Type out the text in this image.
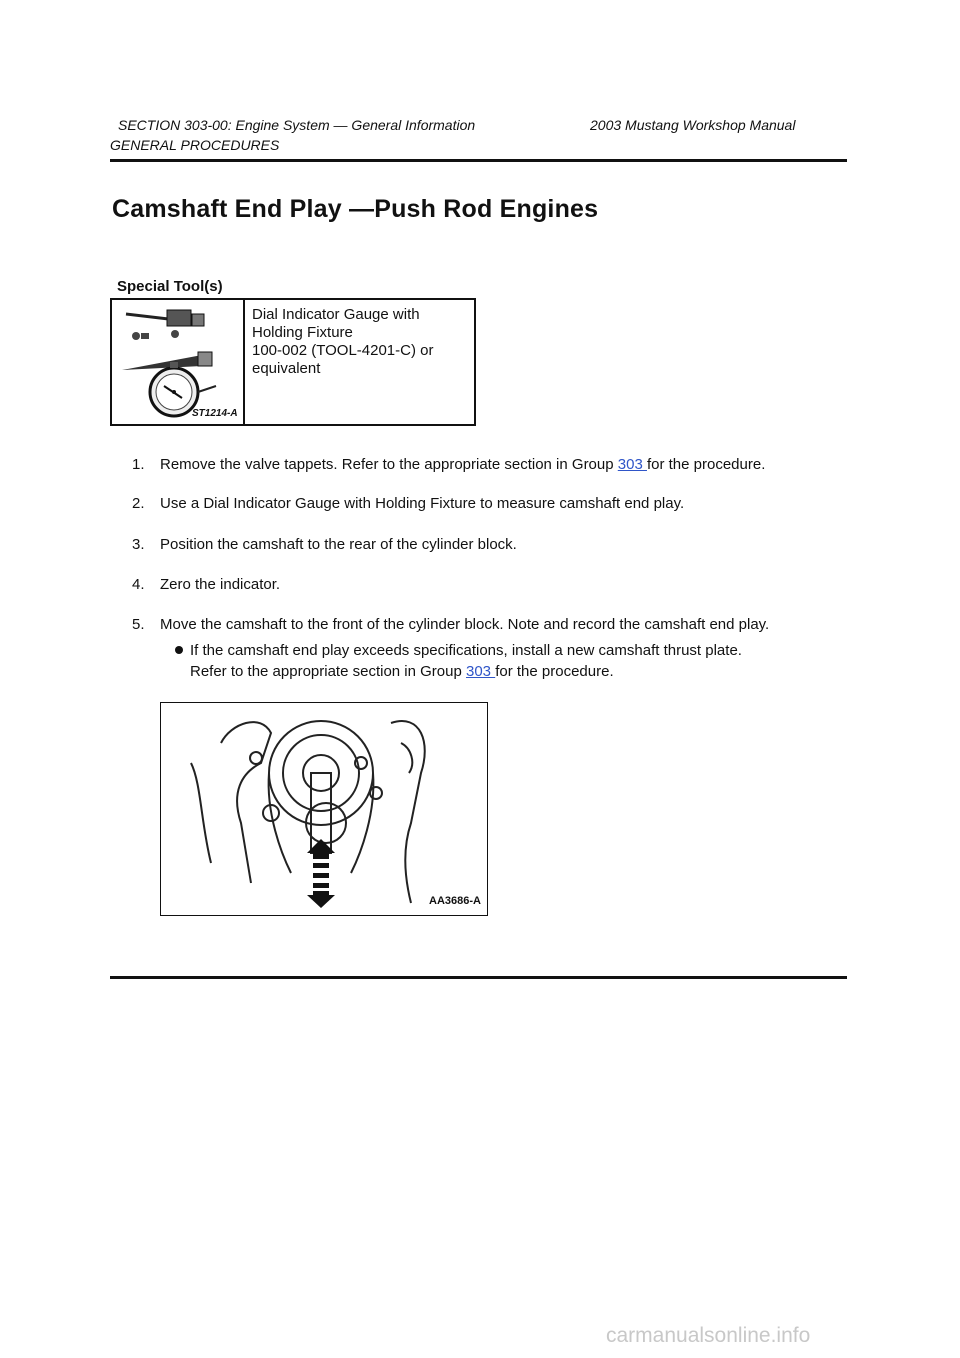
SECTION 303-00: Engine System — General Information	2003 Mustang Workshop Manual
GENERAL PROCEDURES
Camshaft End Play —Push Rod Engines
Special Tool(s)
ST1214-A
Dial Indicator Gauge with
Holding Fixture
100-002 (TOOL-4201-C) or
equivalent
1. Remove the valve tappets. Refer to the appropriate section in Group 303 for the procedure.
2. Use a Dial Indicator Gauge with Holding Fixture to measure camshaft end play.
3. Position the camshaft to the rear of the cylinder block.
4. Zero the indicator.
5. Move the camshaft to the front of the cylinder block. Note and record the camshaft end play.
If the camshaft end play exceeds specifications, install a new camshaft thrust plate.
Refer to the appropriate section in Group 303 for the procedure.
AA3686-A
carmanualsonline.info
